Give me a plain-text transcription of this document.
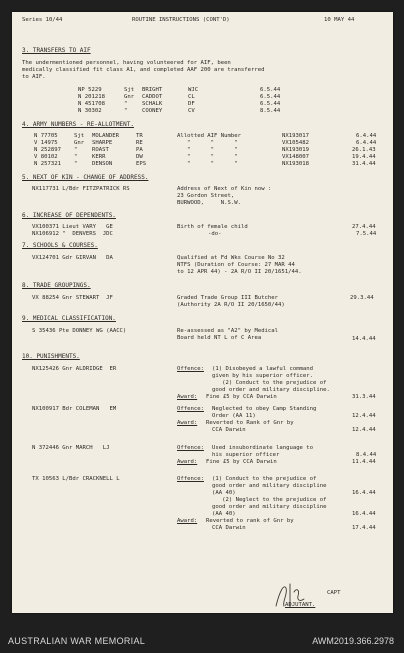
Series 10/44	ROUTINE INSTRUCTIONS (CONT'D)	10 MAY 44
3. TRANSFERS TO AIF
The undermentioned personnel, having volunteered for AIF, been
medically classified fit class A1, and completed AAF 200 are transferred
to AIF.
NP 5229	Sjt BRIGHT	WJC	6.5.44
N 201218	Gnr CADDOT	CL	6.5.44
N 451708	"	SCHALK	DF	6.5.44
N 30302	"	COONEY	CV	8.5.44
4. ARMY NUMBERS - RE-ALLOTMENT.
Allotted AIF Number
N 77705	Sjt MOLANDER	TR	NX193017	6.4.44
V 14975	Gnr SHARPE	RE	"      "      "	VX105482	6.4.44
N 252897 "	ROAST	PA	"      "      "	NX193019	26.1.43
V 80102	"	KERR	DW	"      "      "	VX148007	19.4.44
N 257321 "	DENSON	EPS	"      "      "	NX193018	31.4.44
5. NEXT OF KIN - CHANGE OF ADDRESS.
NX117731 L/Bdr FITZPATRICK RS	Address of Next of Kin now :
23 Gordon Street,
BURWOOD,     N.S.W.
6. INCREASE OF DEPENDENTS.
VX100371 Lieut VARY   GE	Birth of female child	27.4.44
NX106912 "  DENVERS  JDC	-do-	7.5.44
7. SCHOOLS & COURSES.
VX124701 Gdr GIRVAN   DA	Qualified at Fd Wks Course No 32
NTFS (Duration of Course: 27 MAR 44
to 12 APR 44) - 2A R/O II 20/1651/44.
8. TRADE GROUPINGS.
VX 88254 Gnr STEWART  JF	Graded Trade Group III Butcher
(Authority 2A R/O II 20/1650/44)
29.3.44
9. MEDICAL CLASSIFICATION.
S 35436 Pte DONNEY WG (AACC)	Re-assessed as "A2" by Medical
Board held NT L of C Area	14.4.44
10. PUNISHMENTS.
NX125426 Gnr ALDRIDGE  ER	Offence: (1) Disobeyed a lawful command
given by his superior officer.
(2) Conduct to the prejudice of
good order and military discipline.
Award: Fine £5 by CCA Darwin	31.3.44
NX100917 Bdr COLEMAN   EM	Offence: Neglected to obey Camp Standing
Order (AA 11)	12.4.44
Award: Reverted to Rank of Gnr by
CCA Darwin	12.4.44
N 372446 Gnr MARCH   LJ	Offence: Used insubordinate language to
his superior officer	8.4.44
Award: Fine £5 by CCA Darwin	11.4.44
TX 10563 L/Bdr CRACKNELL L	Offence: (1) Conduct to the prejudice of
good order and military discipline
(AA 40)	16.4.44
(2) Neglect to the prejudice of
good order and military discipline
(AA 40)	16.4.44
Award: Reverted to rank of Gnr by
CCA Darwin	17.4.44
CAPT
ADJUTANT.
AUSTRALIAN WAR MEMORIAL	AWM2019.366.2978
